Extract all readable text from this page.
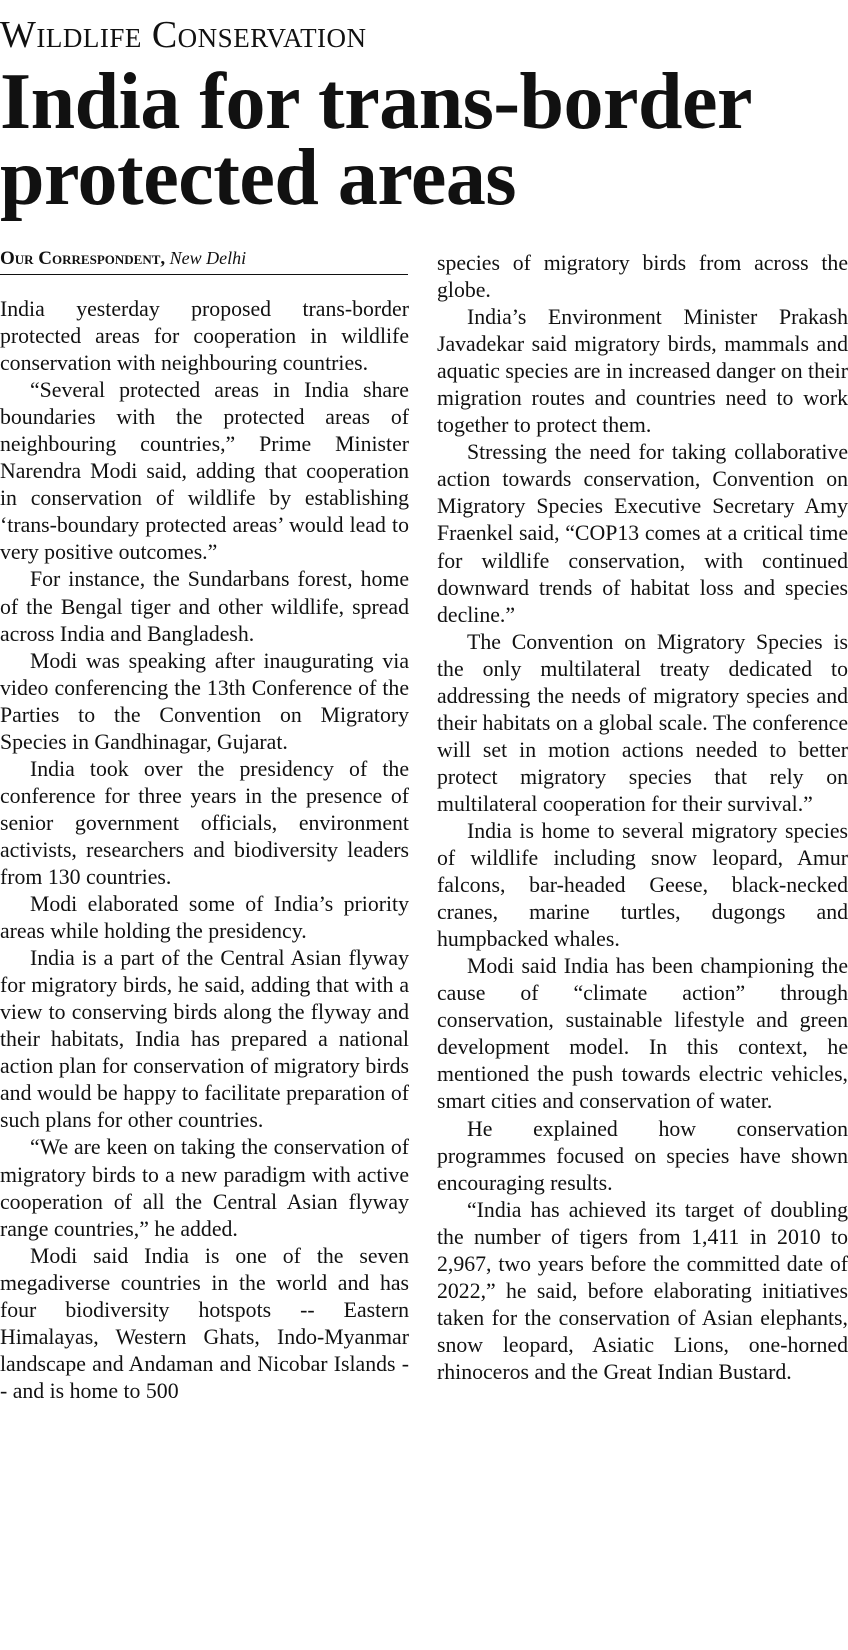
Wildlife Conservation
India for trans-border protected areas
Our Correspondent, New Delhi

India yesterday proposed trans-border protected areas for cooperation in wildlife conservation with neighbouring countries.

“Several protected areas in India share boundaries with the protected areas of neighbouring countries,” Prime Minister Narendra Modi said, adding that cooperation in conservation of wildlife by establishing ‘trans-boundary protected areas’ would lead to very positive outcomes.”

For instance, the Sundarbans forest, home of the Bengal tiger and other wildlife, spread across India and Bangladesh.

Modi was speaking after inaugurating via video conferencing the 13th Conference of the Parties to the Convention on Migratory Species in Gandhinagar, Gujarat.

India took over the presidency of the conference for three years in the presence of senior government officials, environment activists, researchers and biodiversity leaders from 130 countries.

Modi elaborated some of India’s priority areas while holding the presidency.

India is a part of the Central Asian flyway for migratory birds, he said, adding that with a view to conserving birds along the flyway and their habitats, India has prepared a national action plan for conservation of migratory birds and would be happy to facilitate preparation of such plans for other countries.

“We are keen on taking the conservation of migratory birds to a new paradigm with active cooperation of all the Central Asian flyway range countries,” he added.

Modi said India is one of the seven megadiverse countries in the world and has four biodiversity hotspots -- Eastern Himalayas, Western Ghats, Indo-Myanmar landscape and Andaman and Nicobar Islands -- and is home to 500

species of migratory birds from across the globe.

India’s Environment Minister Prakash Javadekar said migratory birds, mammals and aquatic species are in increased danger on their migration routes and countries need to work together to protect them.

Stressing the need for taking collaborative action towards conservation, Convention on Migratory Species Executive Secretary Amy Fraenkel said, “COP13 comes at a critical time for wildlife conservation, with continued downward trends of habitat loss and species decline.”

The Convention on Migratory Species is the only multilateral treaty dedicated to addressing the needs of migratory species and their habitats on a global scale. The conference will set in motion actions needed to better protect migratory species that rely on multilateral cooperation for their survival.”

India is home to several migratory species of wildlife including snow leopard, Amur falcons, bar-headed Geese, black-necked cranes, marine turtles, dugongs and humpbacked whales.

Modi said India has been championing the cause of “climate action” through conservation, sustainable lifestyle and green development model. In this context, he mentioned the push towards electric vehicles, smart cities and conservation of water.

He explained how conservation programmes focused on species have shown encouraging results.

“India has achieved its target of doubling the number of tigers from 1,411 in 2010 to 2,967, two years before the committed date of 2022,” he said, before elaborating initiatives taken for the conservation of Asian elephants, snow leopard, Asiatic Lions, one-horned rhinoceros and the Great Indian Bustard.
